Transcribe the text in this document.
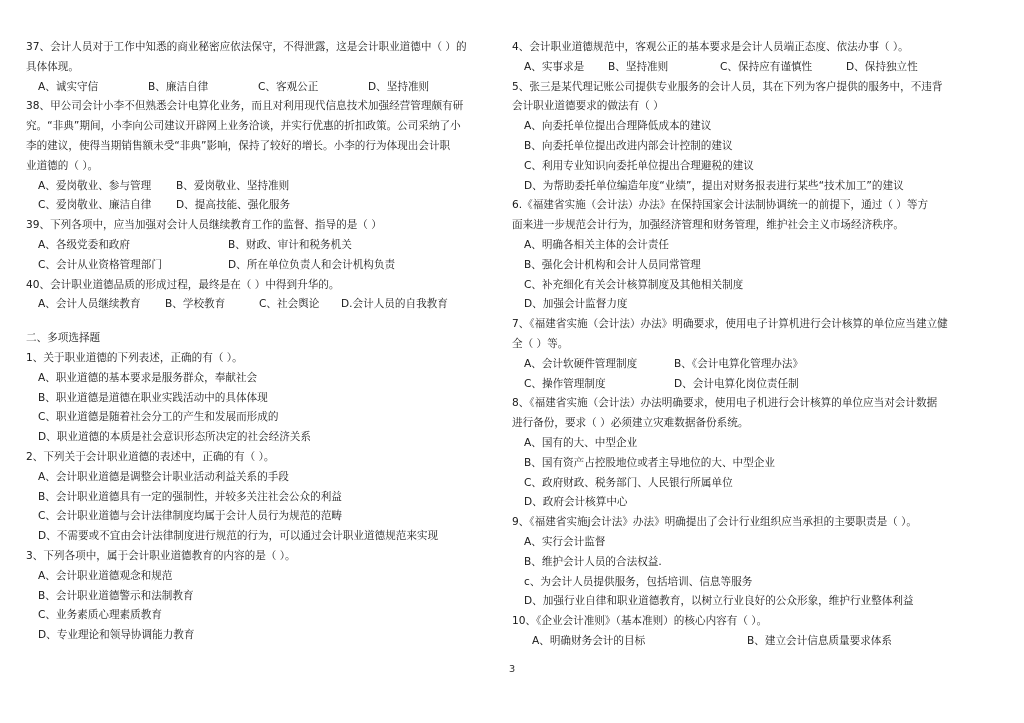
37、会计人员对于工作中知悉的商业秘密应依法保守，不得泄露，这是会计职业道德中（ ）的
具体体现。
A、诚实守信	B、廉洁自律	C、客观公正	D、坚持准则
38、甲公司会计小李不但熟悉会计电算化业务，而且对利用现代信息技术加强经营管理颇有研
究。“非典”期间，小李向公司建议开辟网上业务洽谈，并实行优惠的折扣政策。公司采纳了小
李的建议，使得当期销售额未受“非典”影响，保持了较好的增长。小李的行为体现出会计职
业道德的（ ）。
A、爱岗敬业、参与管理	B、爱岗敬业、坚持准则
C、爱岗敬业、廉洁自律	D、提高技能、强化服务
39、下列各项中，应当加强对会计人员继续教育工作的监督、指导的是（ ）
A、各级党委和政府	B、财政、审计和税务机关
C、会计从业资格管理部门	D、所在单位负责人和会计机构负责
40、会计职业道德品质的形成过程，最终是在（ ）中得到升华的。
A、会计人员继续教育	B、学校教育	C、社会舆论	D.会计人员的自我教育
二、多项选择题
1、关于职业道德的下列表述，正确的有（ ）。
A、职业道德的基本要求是服务群众，奉献社会
B、职业道德是道德在职业实践活动中的具体体现
C、职业道德是随着社会分工的产生和发展而形成的
D、职业道德的本质是社会意识形态所决定的社会经济关系
2、下列关于会计职业道德的表述中，正确的有（ ）。
A、会计职业道德是调整会计职业活动利益关系的手段
B、会计职业道德具有一定的强制性，并较多关注社会公众的利益
C、会计职业道德与会计法律制度均属于会计人员行为规范的范畴
D、不需要或不宜由会计法律制度进行规范的行为，可以通过会计职业道德规范来实现
3、下列各项中，属于会计职业道德教育的内容的是（ ）。
A、会计职业道德观念和规范
B、会计职业道德警示和法制教育
C、业务素质心理素质教育
D、专业理论和领导协调能力教育
4、会计职业道德规范中，客观公正的基本要求是会计人员端正态度、依法办事（ ）。
A、实事求是	B、坚持准则	C、保持应有谨慎性	D、保持独立性
5、张三是某代理记账公司提供专业服务的会计人员，其在下列为客户提供的服务中，不违背
会计职业道德要求的做法有（ ）
A、向委托单位提出合理降低成本的建议
B、向委托单位提出改进内部会计控制的建议
C、利用专业知识向委托单位提出合理避税的建议
D、为帮助委托单位编造年度“业绩”，提出对财务报表进行某些“技术加工”的建议
6.《福建省实施（会计法）办法》在保持国家会计法制协调统一的前提下，通过（ ）等方
面来进一步规范会计行为，加强经济管理和财务管理，维护社会主义市场经济秩序。
A、明确各相关主体的会计责任
B、强化会计机构和会计人员同常管理
C、补充细化有关会计核算制度及其他相关制度
D、加强会计监督力度
7、《福建省实施（会计法）办法》明确要求，使用电子计算机进行会计核算的单位应当建立健
全（ ）等。
A、会计软硬件管理制度	B、《会计电算化管理办法》
C、操作管理制度	D、会计电算化岗位责任制
8、《福建省实施（会计法）办法明确要求，使用电子机进行会计核算的单位应当对会计数据
进行备份，要求（ ）必须建立灾难数据备份系统。
A、国有的大、中型企业
B、国有资产占控股地位或者主导地位的大、中型企业
C、政府财政、税务部门、人民银行所属单位
D、政府会计核算中心
9、《福建省实施j会计法》办法》明确提出了会计行业组织应当承担的主要职责是（ ）。
A、实行会计监督
B、维护会计人员的合法权益.
c、为会计人员提供服务，包括培训、信息等服务
D、加强行业自律和职业道德教育，以树立行业良好的公众形象，维护行业整体利益
10、《企业会计准则》（基本准则）的核心内容有（ ）。
A、明确财务会计的目标	B、建立会计信息质量要求体系
3
